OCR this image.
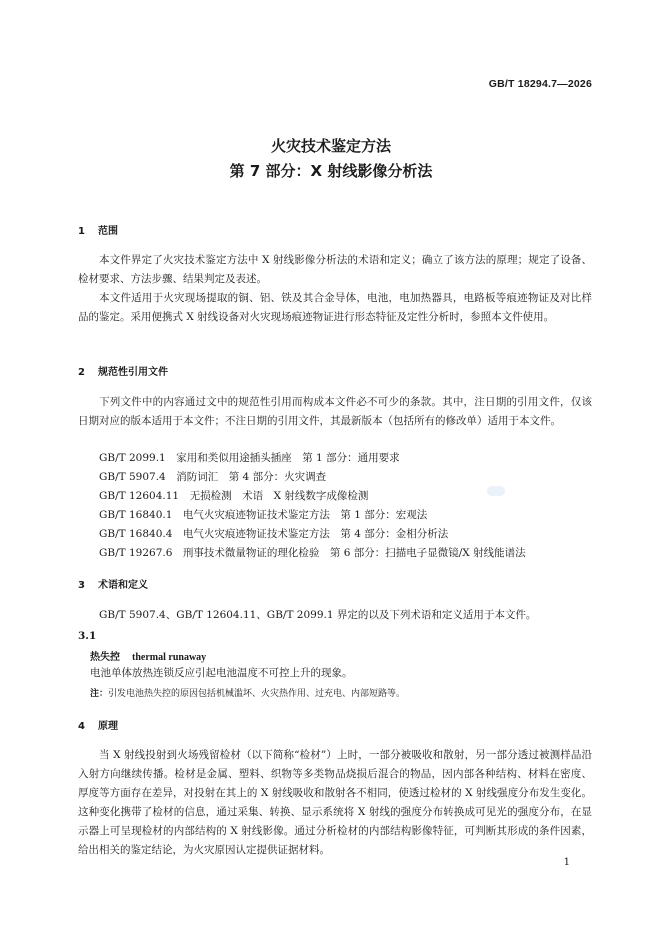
GB/T 18294.7—2026
火灾技术鉴定方法
第 7 部分：X 射线影像分析法
1 范围
本文件界定了火灾技术鉴定方法中 X 射线影像分析法的术语和定义；确立了该方法的原理；规定了设备、检材要求、方法步骤、结果判定及表述。
本文件适用于火灾现场提取的铜、铝、铁及其合金导体，电池，电加热器具，电路板等痕迹物证及对比样品的鉴定。采用便携式 X 射线设备对火灾现场痕迹物证进行形态特征及定性分析时，参照本文件使用。
2 规范性引用文件
下列文件中的内容通过文中的规范性引用而构成本文件必不可少的条款。其中，注日期的引用文件，仅该日期对应的版本适用于本文件；不注日期的引用文件，其最新版本（包括所有的修改单）适用于本文件。
GB/T 2099.1　家用和类似用途插头插座　第 1 部分：通用要求
GB/T 5907.4　消防词汇　第 4 部分：火灾调查
GB/T 12604.11　无损检测　术语　X 射线数字成像检测
GB/T 16840.1　电气火灾痕迹物证技术鉴定方法　第 1 部分：宏观法
GB/T 16840.4　电气火灾痕迹物证技术鉴定方法　第 4 部分：金相分析法
GB/T 19267.6　刑事技术微量物证的理化检验　第 6 部分：扫描电子显微镜/X 射线能谱法
3 术语和定义
GB/T 5907.4、GB/T 12604.11、GB/T 2099.1 界定的以及下列术语和定义适用于本文件。
3.1
热失控 thermal runaway
电池单体放热连锁反应引起电池温度不可控上升的现象。
注：引发电池热失控的原因包括机械滥坏、火灾热作用、过充电、内部短路等。
4 原理
当 X 射线投射到火场残留检材（以下简称“检材”）上时，一部分被吸收和散射，另一部分透过被测样品沿入射方向继续传播。检材是金属、塑料、织物等多类物品烧损后混合的物品，因内部各种结构、材料在密度、厚度等方面存在差异，对投射在其上的 X 射线吸收和散射各不相同，使透过检材的 X 射线强度分布发生变化。这种变化携带了检材的信息，通过采集、转换、显示系统将 X 射线的强度分布转换成可见光的强度分布，在显示器上可呈现检材的内部结构的 X 射线影像。通过分析检材的内部结构影像特征，可判断其形成的条件因素，给出相关的鉴定结论，为火灾原因认定提供证据材料。
1
